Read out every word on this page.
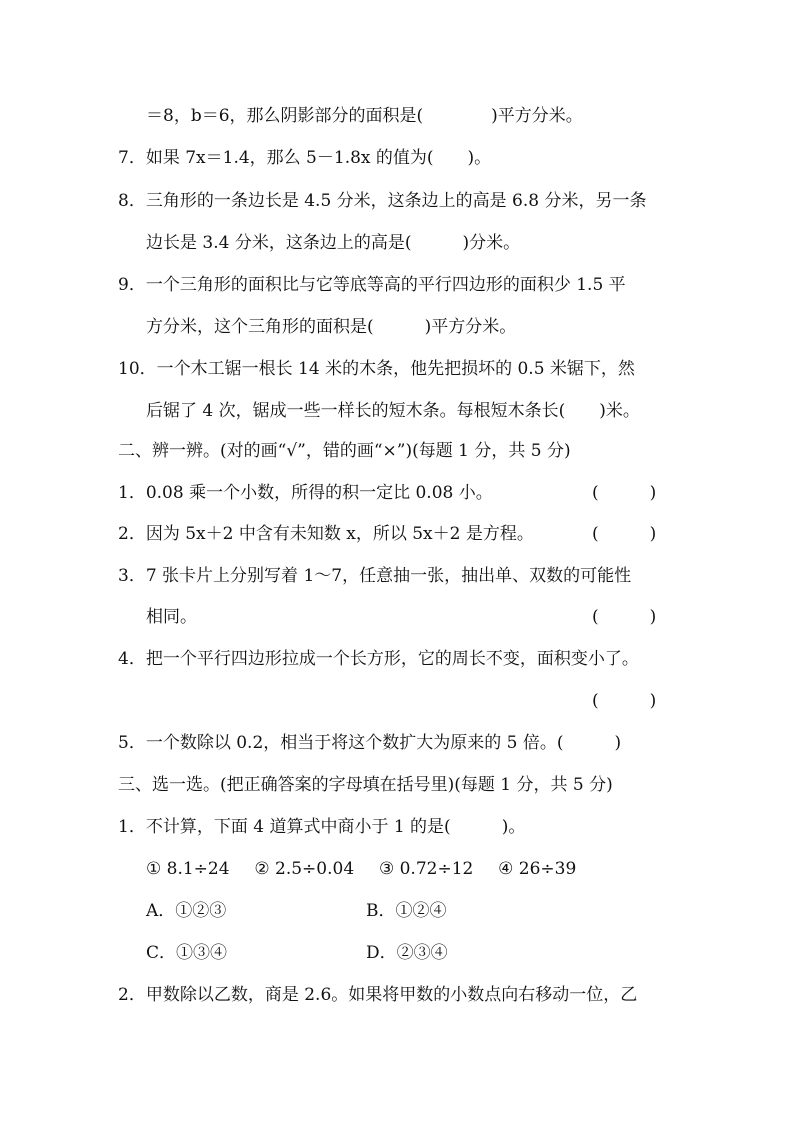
＝8，b＝6，那么阴影部分的面积是(　　　　)平方分米。
7．如果 7x＝1.4，那么 5－1.8x 的值为(　　)。
8．三角形的一条边长是 4.5 分米，这条边上的高是 6.8 分米，另一条
边长是 3.4 分米，这条边上的高是(　　　)分米。
9．一个三角形的面积比与它等底等高的平行四边形的面积少 1.5 平
方分米，这个三角形的面积是(　　　)平方分米。
10．一个木工锯一根长 14 米的木条，他先把损坏的 0.5 米锯下，然
后锯了 4 次，锯成一些一样长的短木条。每根短木条长(　　)米。
二、辨一辨。(对的画“√”，错的画“×”)(每题 1 分，共 5 分)
1．0.08 乘一个小数，所得的积一定比 0.08 小。	(　　　)
2．因为 5x＋2 中含有未知数 x，所以 5x＋2 是方程。	(　　　)
3．7 张卡片上分别写着 1～7，任意抽一张，抽出单、双数的可能性
相同。	(　　　)
4．把一个平行四边形拉成一个长方形，它的周长不变，面积变小了。
(　　　)
5．一个数除以 0.2，相当于将这个数扩大为原来的 5 倍。(　　　)
三、选一选。(把正确答案的字母填在括号里)(每题 1 分，共 5 分)
1．不计算，下面 4 道算式中商小于 1 的是(　　　)。
① 8.1÷24 ② 2.5÷0.04 ③ 0.72÷12 ④ 26÷39
A．①②③	B．①②④
C．①③④	D．②③④
2．甲数除以乙数，商是 2.6。如果将甲数的小数点向右移动一位，乙
